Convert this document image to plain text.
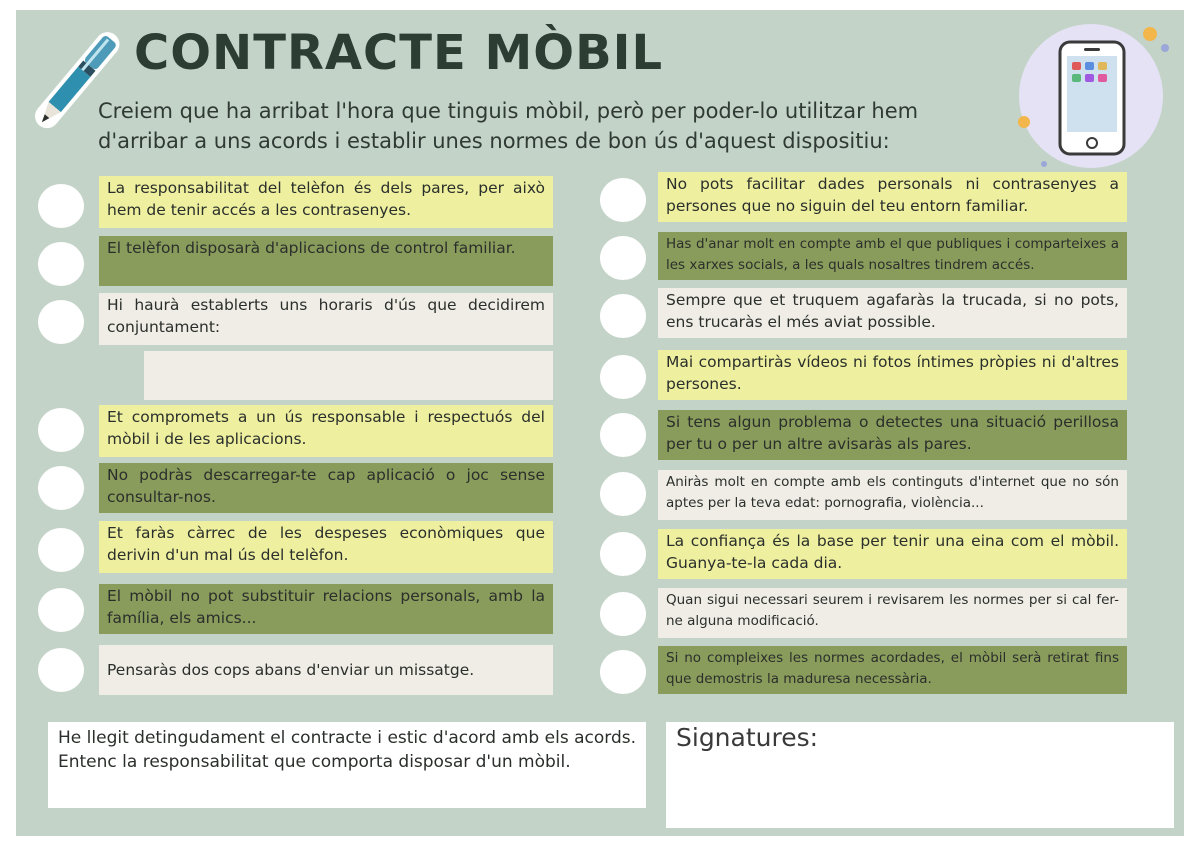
CONTRACTE MÒBIL

Creiem que ha arribat l'hora que tinguis mòbil, però per poder-lo utilitzar hem d'arribar a uns acords i establir unes normes de bon ús d'aquest dispositiu:

La responsabilitat del telèfon és dels pares, per això hem de tenir accés a les contrasenyes.
El telèfon disposarà d'aplicacions de control familiar.
Hi haurà establerts uns horaris d'ús que decidirem conjuntament:
Et compromets a un ús responsable i respectuós del mòbil i de les aplicacions.
No podràs descarregar-te cap aplicació o joc sense consultar-nos.
Et faràs càrrec de les despeses econòmiques que derivin d'un mal ús del telèfon.
El mòbil no pot substituir relacions personals, amb la família, els amics...
Pensaràs dos cops abans d'enviar un missatge.
No pots facilitar dades personals ni contrasenyes a persones que no siguin del teu entorn familiar.
Has d'anar molt en compte amb el que publiques i comparteixes a les xarxes socials, a les quals nosaltres tindrem accés.
Sempre que et truquem agafaràs la trucada, si no pots, ens trucaràs el més aviat possible.
Mai compartiràs vídeos ni fotos íntimes pròpies ni d'altres persones.
Si tens algun problema o detectes una situació perillosa per tu o per un altre avisaràs als pares.
Aniràs molt en compte amb els continguts d'internet que no són aptes per la teva edat: pornografia, violència...
La confiança és la base per tenir una eina com el mòbil. Guanya-te-la cada dia.
Quan sigui necessari seurem i revisarem les normes per si cal fer-ne alguna modificació.
Si no compleixes les normes acordades, el mòbil serà retirat fins que demostris la maduresa necessària.
He llegit detingudament el contracte i estic d'acord amb els acords. Entenc la responsabilitat que comporta disposar d'un mòbil.
Signatures:
